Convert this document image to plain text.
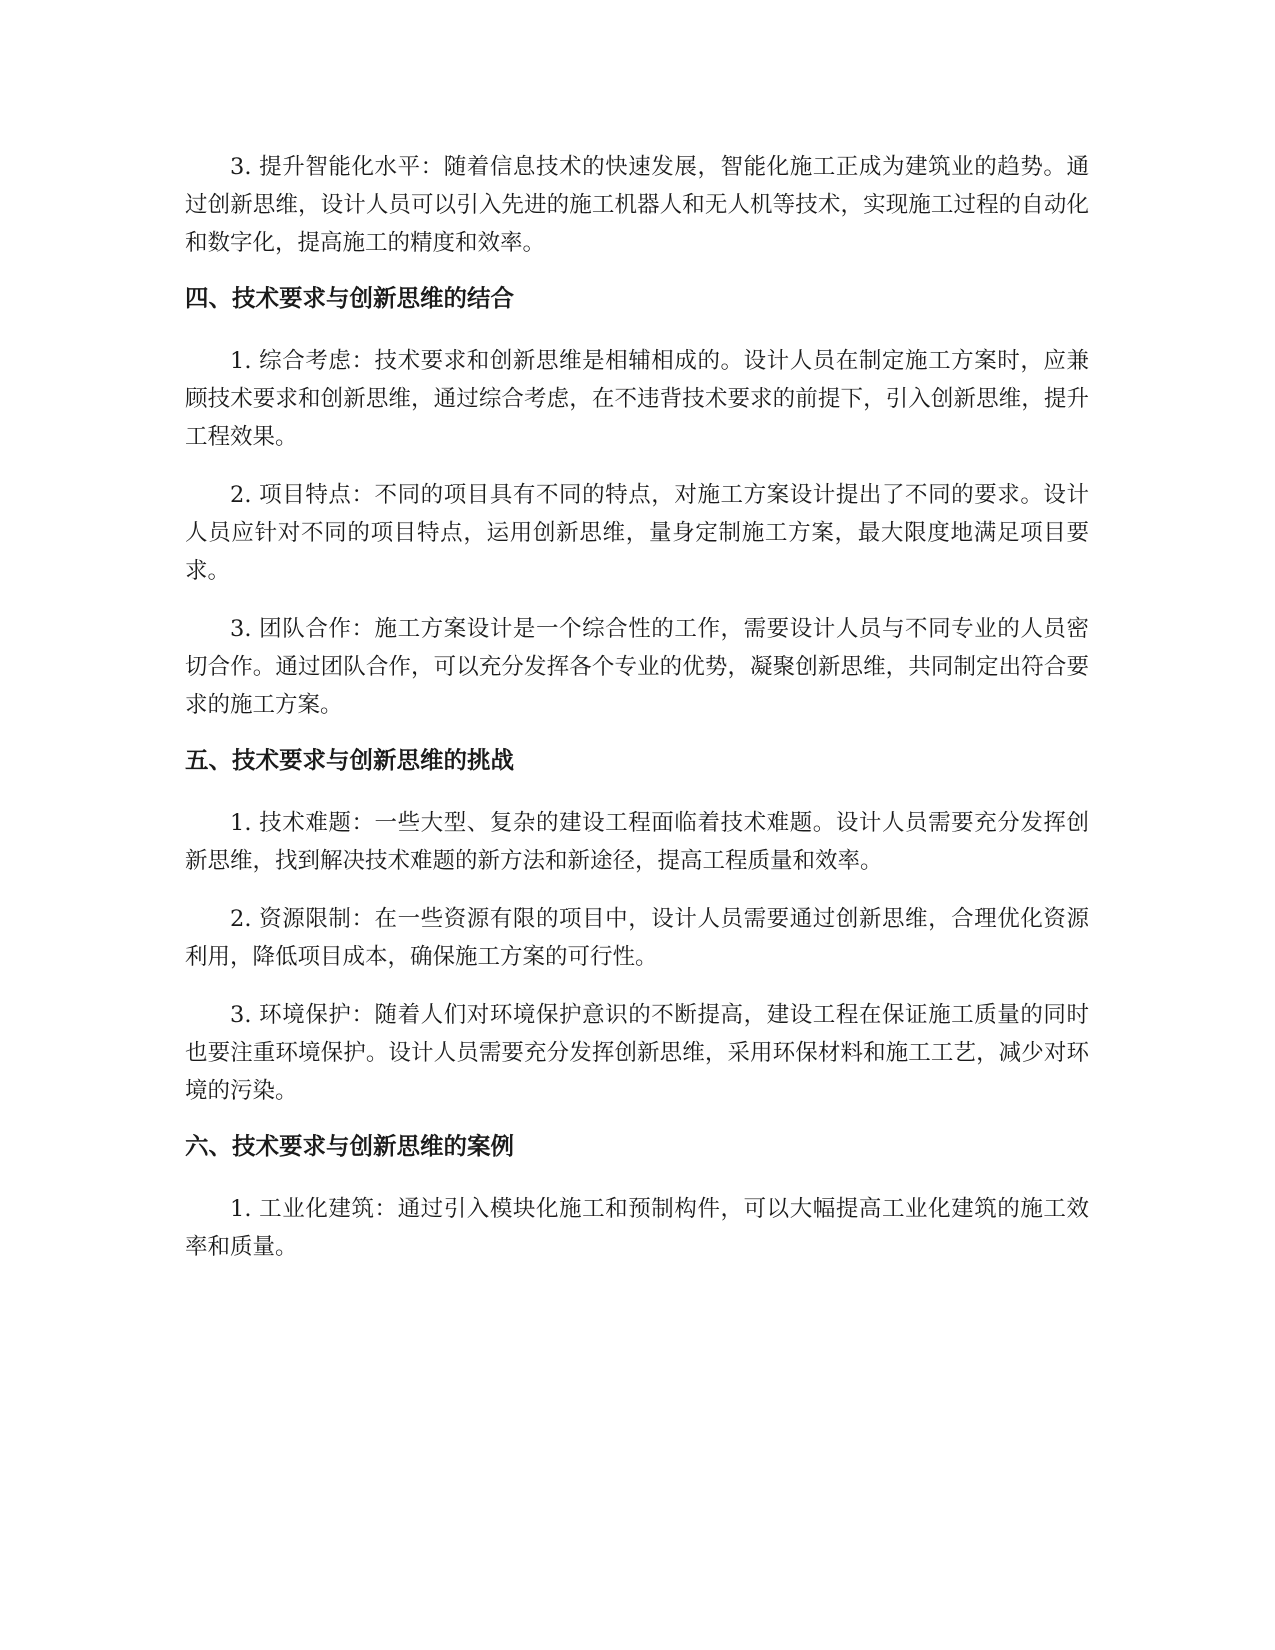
3. 提升智能化水平：随着信息技术的快速发展，智能化施工正成为建筑业的趋势。通过创新思维，设计人员可以引入先进的施工机器人和无人机等技术，实现施工过程的自动化和数字化，提高施工的精度和效率。

四、技术要求与创新思维的结合

1. 综合考虑：技术要求和创新思维是相辅相成的。设计人员在制定施工方案时，应兼顾技术要求和创新思维，通过综合考虑，在不违背技术要求的前提下，引入创新思维，提升工程效果。

2. 项目特点：不同的项目具有不同的特点，对施工方案设计提出了不同的要求。设计人员应针对不同的项目特点，运用创新思维，量身定制施工方案，最大限度地满足项目要求。

3. 团队合作：施工方案设计是一个综合性的工作，需要设计人员与不同专业的人员密切合作。通过团队合作，可以充分发挥各个专业的优势，凝聚创新思维，共同制定出符合要求的施工方案。

五、技术要求与创新思维的挑战

1. 技术难题：一些大型、复杂的建设工程面临着技术难题。设计人员需要充分发挥创新思维，找到解决技术难题的新方法和新途径，提高工程质量和效率。

2. 资源限制：在一些资源有限的项目中，设计人员需要通过创新思维，合理优化资源利用，降低项目成本，确保施工方案的可行性。

3. 环境保护：随着人们对环境保护意识的不断提高，建设工程在保证施工质量的同时也要注重环境保护。设计人员需要充分发挥创新思维，采用环保材料和施工工艺，减少对环境的污染。

六、技术要求与创新思维的案例

1. 工业化建筑：通过引入模块化施工和预制构件，可以大幅提高工业化建筑的施工效率和质量。
